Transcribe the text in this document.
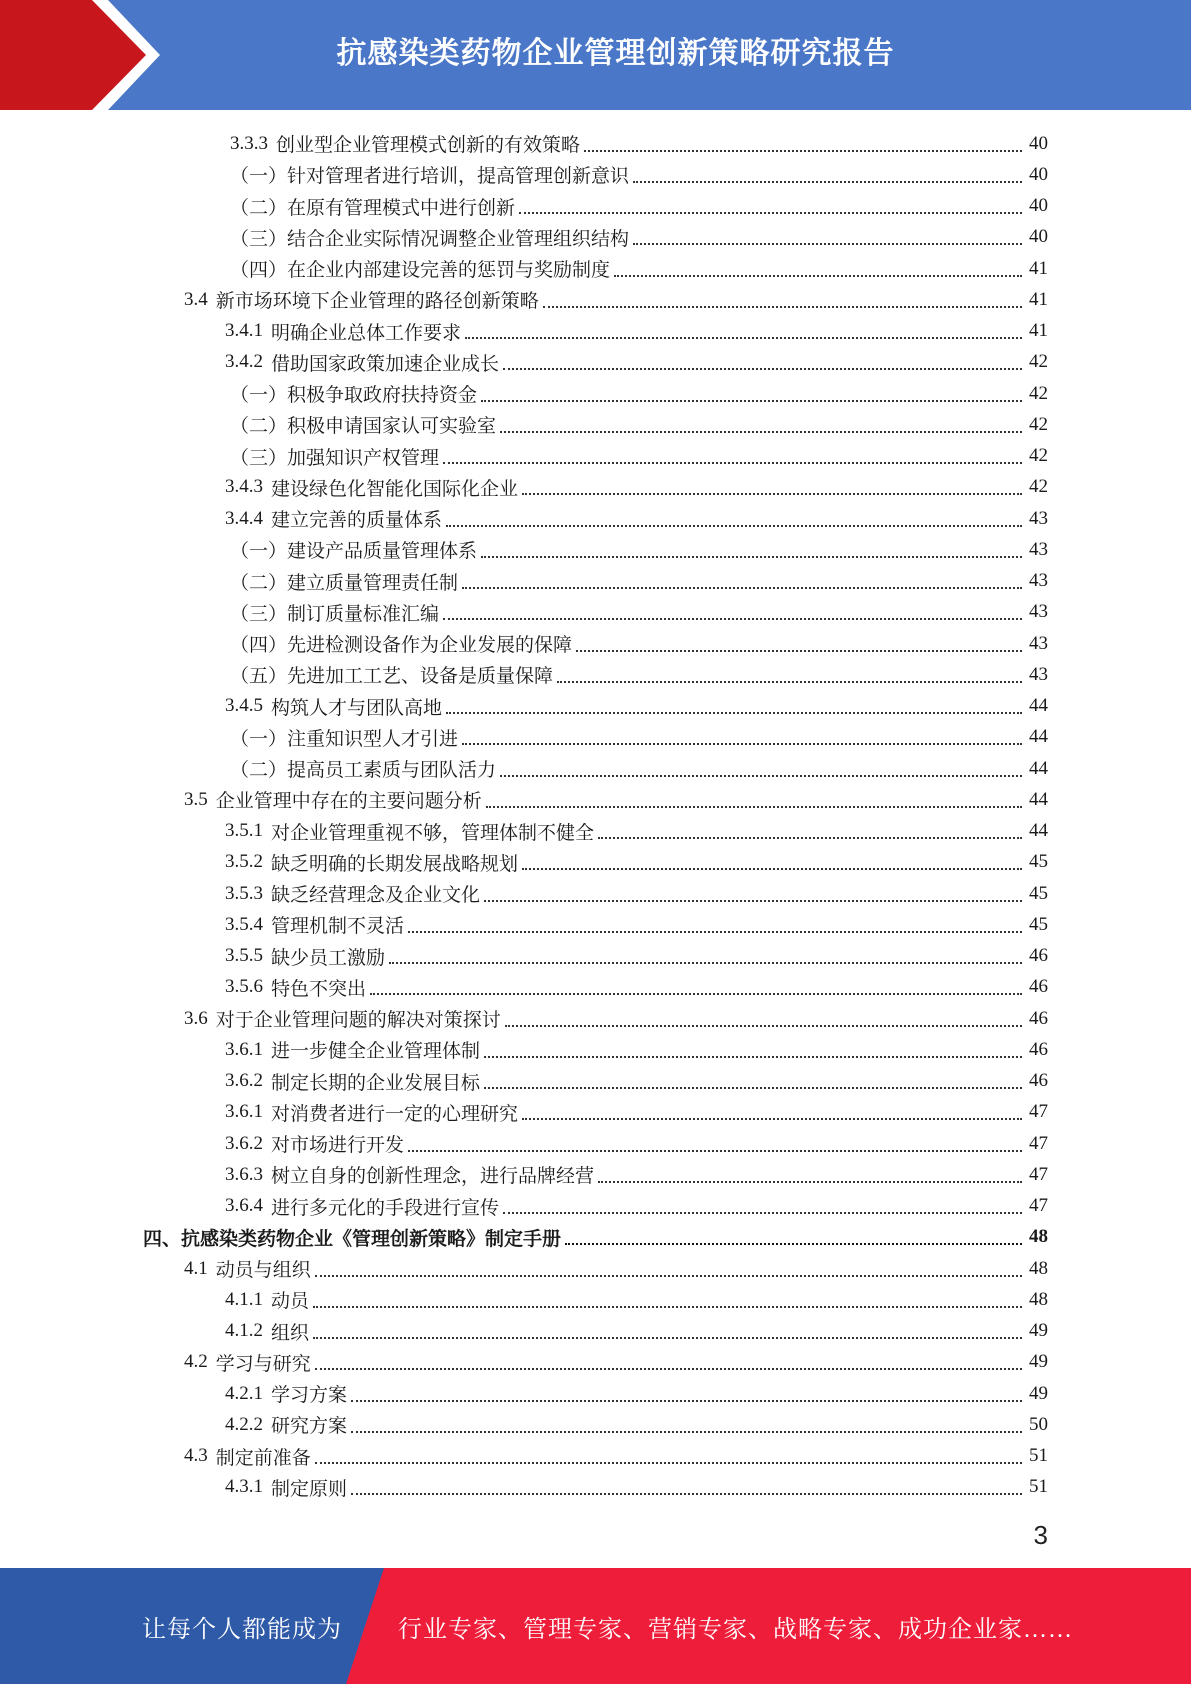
抗感染类药物企业管理创新策略研究报告
3.3.3 创业型企业管理模式创新的有效策略	40
（一）针对管理者进行培训，提高管理创新意识	40
（二）在原有管理模式中进行创新	40
（三）结合企业实际情况调整企业管理组织结构	40
（四）在企业内部建设完善的惩罚与奖励制度	41
3.4 新市场环境下企业管理的路径创新策略	41
3.4.1 明确企业总体工作要求	41
3.4.2 借助国家政策加速企业成长	42
（一）积极争取政府扶持资金	42
（二）积极申请国家认可实验室	42
（三）加强知识产权管理	42
3.4.3 建设绿色化智能化国际化企业	42
3.4.4 建立完善的质量体系	43
（一）建设产品质量管理体系	43
（二）建立质量管理责任制	43
（三）制订质量标准汇编	43
（四）先进检测设备作为企业发展的保障	43
（五）先进加工工艺、设备是质量保障	43
3.4.5 构筑人才与团队高地	44
（一）注重知识型人才引进	44
（二）提高员工素质与团队活力	44
3.5 企业管理中存在的主要问题分析	44
3.5.1 对企业管理重视不够，管理体制不健全	44
3.5.2 缺乏明确的长期发展战略规划	45
3.5.3 缺乏经营理念及企业文化	45
3.5.4 管理机制不灵活	45
3.5.5 缺少员工激励	46
3.5.6 特色不突出	46
3.6 对于企业管理问题的解决对策探讨	46
3.6.1 进一步健全企业管理体制	46
3.6.2 制定长期的企业发展目标	46
3.6.1 对消费者进行一定的心理研究	47
3.6.2 对市场进行开发	47
3.6.3 树立自身的创新性理念，进行品牌经营	47
3.6.4 进行多元化的手段进行宣传	47
四、抗感染类药物企业《管理创新策略》制定手册	48
4.1 动员与组织	48
4.1.1 动员	48
4.1.2 组织	49
4.2 学习与研究	49
4.2.1 学习方案	49
4.2.2 研究方案	50
4.3 制定前准备	51
4.3.1 制定原则	51
3
让每个人都能成为 行业专家、管理专家、营销专家、战略专家、成功企业家……
